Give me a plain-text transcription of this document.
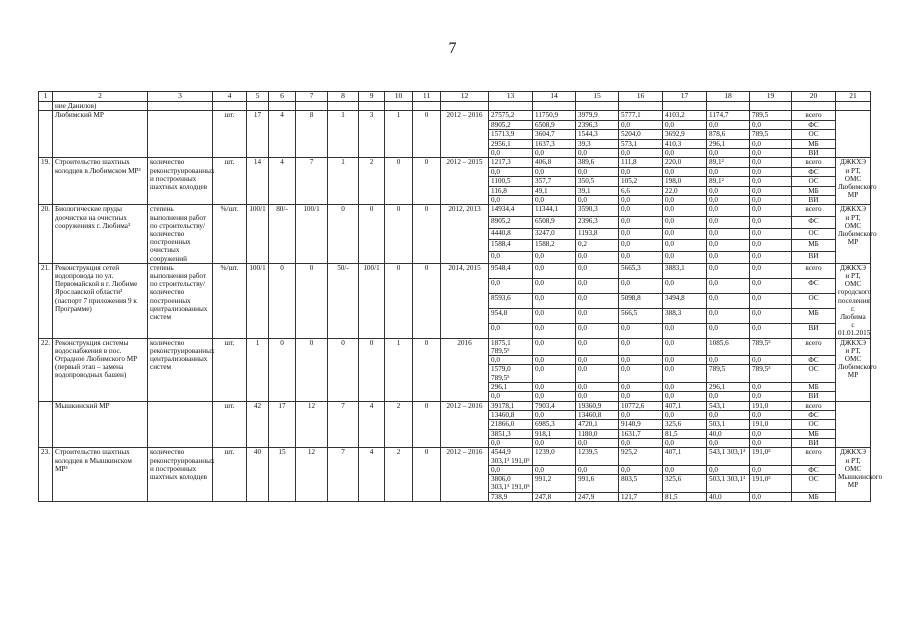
7
1	2	3	4	5	6	7	8	9	10	11	12	13	14	15	16	17	18	19	20	21
	ние Данилов)																			
	Любимский МР		шт.	17	4	8	1	3	1	0	2012 – 2016	27575,2	11750,9	3979,9	5777,1	4103,2	1174,7	789,5	всего	
												8905,2	6508,9	2396,3	0,0	0,0	0,0	0,0	ФС	
												15713,9	3604,7	1544,3	5204,0	3692,9	878,6	789,5	ОС	
												2956,1	1637,3	39,3	573,1	410,3	296,1	0,0	МБ	
												0,0	0,0	0,0	0,0	0,0	0,0	0,0	ВИ	
19.	Строительство шахтных колодцев в Любимском МР³	количество реконструированных и построенных шахтных колодцев	шт.	14	4	7	1	2	0	0	2012 – 2015	1217,3	406,8	389,6	111,8	220,0	89,1²	0,0	всего	ДЖКХЭ и РТ, ОМС Любимского МР
												0,0	0,0	0,0	0,0	0,0	0,0	0,0	ФС	
												1100,5	357,7	350,5	105,2	198,0	89,1²	0,0	ОС	
												116,8	49,1	39,1	6,6	22,0	0,0	0,0	МБ	
												0,0	0,0	0,0	0,0	0,0	0,0	0,0	ВИ	
20.	Биологические пруды доочистки на очистных сооружениях г. Любима³	степень выполнения работ по строительству/ количество построенных очистных сооружений	%/шт.	100/1	80/-	100/1	0	0	0	0	2012, 2013	14934,4	11344,1	3590,3	0,0	0,0	0,0	0,0	всего	ДЖКХЭ и РТ, ОМС Любимского МР
												8905,2	6508,9	2396,3	0,0	0,0	0,0	0,0	ФС	
												4440,8	3247,0	1193,8	0,0	0,0	0,0	0,0	ОС	
												1588,4	1588,2	0,2	0,0	0,0	0,0	0,0	МБ	
												0,0	0,0	0,0	0,0	0,0	0,0	0,0	ВИ	
21.	Реконструкция сетей водопровода по ул. Первомайской в г. Любиме Ярославской области³ (паспорт 7 приложения 9 к Программе)	степень выполнения работ по строительству/ количество построенных централизованных систем	%/шт.	100/1	0	0	50/-	100/1	0	0	2014, 2015	9548,4	0,0	0,0	5665,3	3883,1	0,0	0,0	всего	ДЖКХЭ и РТ, ОМС городского поселения г. Любима с 01.01.2015
												0,0	0,0	0,0	0,0	0,0	0,0	0,0	ФС	
												8593,6	0,0	0,0	5098,8	3494,8	0,0	0,0	ОС	
												954,8	0,0	0,0	566,5	388,3	0,0	0,0	МБ	
												0,0	0,0	0,0	0,0	0,0	0,0	0,0	ВИ	
22.	Реконструкция системы водоснабжения в пос. Отрадное Любимского МР (первый этап – замена водопроводных башен)	количество реконструированных централизованных систем	шт.	1	0	0	0	0	1	0	2016	1875,1 789,5⁵	0,0	0,0	0,0	0,0	1085,6	789,5⁵	всего	ДЖКХЭ и РТ, ОМС Любимского МР
												0,0	0,0	0,0	0,0	0,0	0,0	0,0	ФС	
												1579,0 789,5⁵	0,0	0,0	0,0	0,0	789,5	789,5⁵	ОС	
												296,1	0,0	0,0	0,0	0,0	296,1	0,0	МБ	
												0,0	0,0	0,0	0,0	0,0	0,0	0,0	ВИ	
	Мышкинский МР		шт.	42	17	12	7	4	2	0	2012 – 2016	39178,1	7903,4	19360,9	10772,6	407,1	543,1	191,0	всего	
												13460,8	0,0	13460,8	0,0	0,0	0,0	0,0	ФС	
												21866,0	6985,3	4720,1	9140,9	325,6	503,1	191,0	ОС	
												3851,3	918,1	1180,0	1631,7	81,5	40,0	0,0	МБ	
												0,0	0,0	0,0	0,0	0,0	0,0	0,0	ВИ	
23.	Строительство шахтных колодцев в Мышкинском МР³	количество реконструированных и построенных шахтных колодцев	шт.	40	15	12	7	4	2	0	2012 – 2016	4544,9 303,1³ 191,0⁵	1239,0	1239,5	925,2	407,1	543,1 303,1³	191,0⁵	всего	ДЖКХЭ и РТ, ОМС Мышкинского МР
												0,0	0,0	0,0	0,0	0,0	0,0	0,0	ФС	
												3806,0 303,1³ 191,0⁵	991,2	991,6	803,5	325,6	503,1 303,1³	191,0⁵	ОС	
												738,9	247,8	247,9	121,7	81,5	40,0	0,0	МБ	
